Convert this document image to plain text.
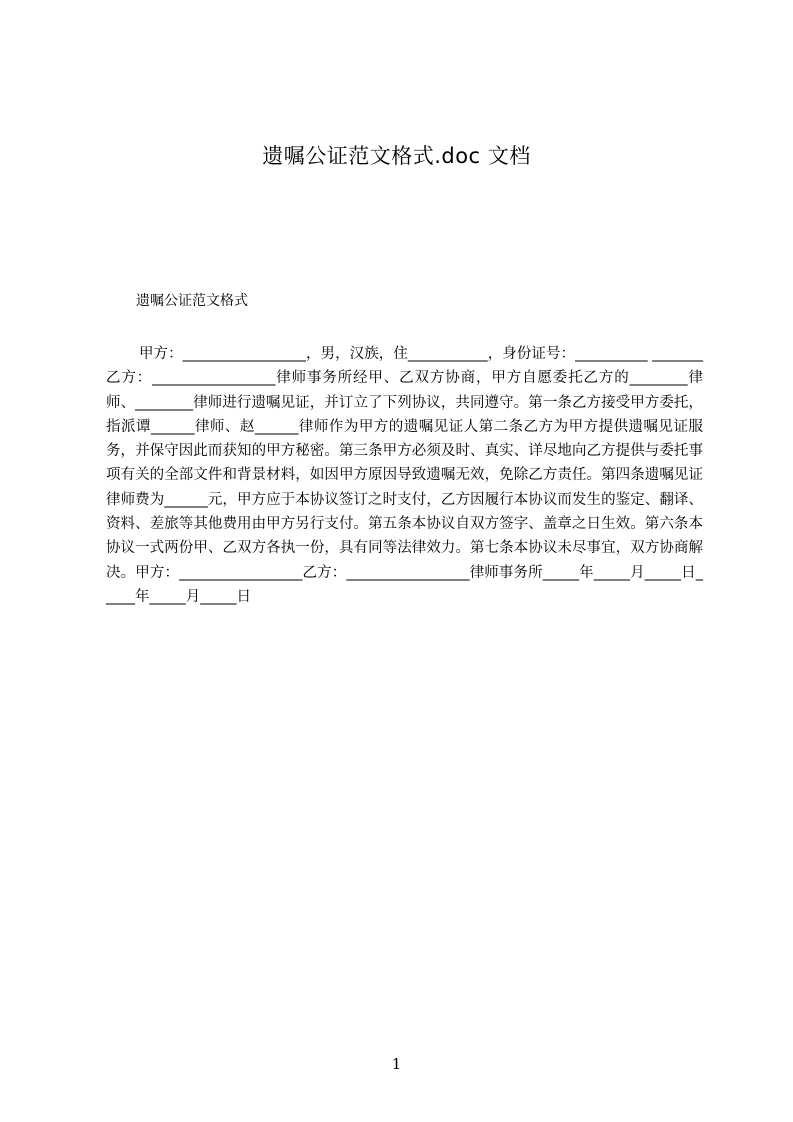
遗嘱公证范文格式.doc 文档
遗嘱公证范文格式

甲方：_________________，男，汉族，住___________，身份证号：__________ _______乙方：_________________律师事务所经甲、乙双方协商，甲方自愿委托乙方的________律师、________律师进行遗嘱见证，并订立了下列协议，共同遵守。第一条乙方接受甲方委托，指派谭______律师、赵______律师作为甲方的遗嘱见证人第二条乙方为甲方提供遗嘱见证服务，并保守因此而获知的甲方秘密。第三条甲方必须及时、真实、详尽地向乙方提供与委托事项有关的全部文件和背景材料，如因甲方原因导致遗嘱无效，免除乙方责任。第四条遗嘱见证律师费为______元，甲方应于本协议签订之时支付，乙方因履行本协议而发生的鉴定、翻译、资料、差旅等其他费用由甲方另行支付。第五条本协议自双方签字、盖章之日生效。第六条本协议一式两份甲、乙双方各执一份，具有同等法律效力。第七条本协议未尽事宜，双方协商解决。甲方：_________________乙方：_________________律师事务所_____年_____月_____日_____年_____月_____日

1
